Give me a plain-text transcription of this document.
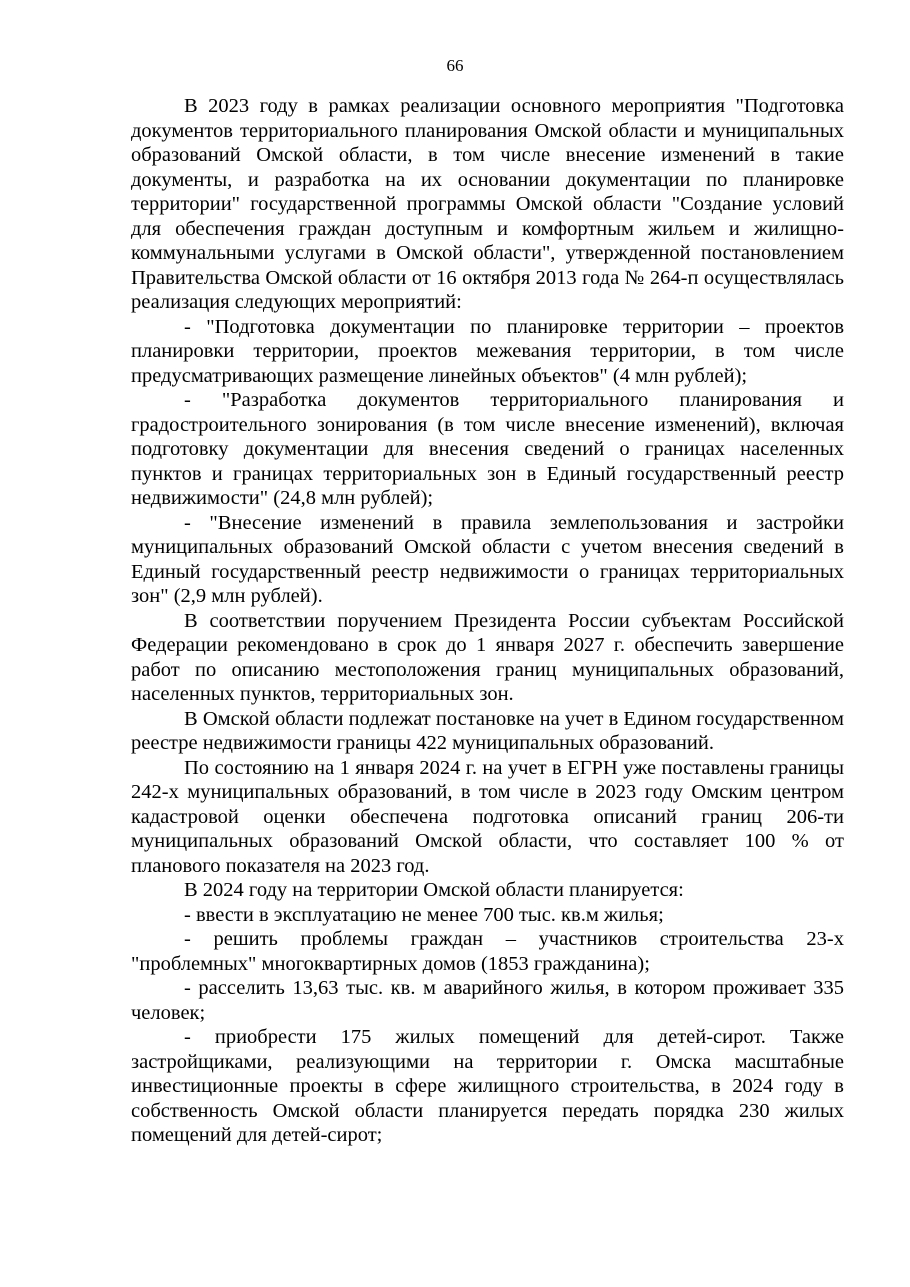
66

В 2023 году в рамках реализации основного мероприятия "Подготовка документов территориального планирования Омской области и муниципальных образований Омской области, в том числе внесение изменений в такие документы, и разработка на их основании документации по планировке территории" государственной программы Омской области "Создание условий для обеспечения граждан доступным и комфортным жильем и жилищно-коммунальными услугами в Омской области", утвержденной постановлением Правительства Омской области от 16 октября 2013 года № 264-п осуществлялась реализация следующих мероприятий:

- "Подготовка документации по планировке территории – проектов планировки территории, проектов межевания территории, в том числе предусматривающих размещение линейных объектов" (4 млн рублей);

- "Разработка документов территориального планирования и градостроительного зонирования (в том числе внесение изменений), включая подготовку документации для внесения сведений о границах населенных пунктов и границах территориальных зон в Единый государственный реестр недвижимости" (24,8 млн рублей);

- "Внесение изменений в правила землепользования и застройки муниципальных образований Омской области с учетом внесения сведений в Единый государственный реестр недвижимости о границах территориальных зон" (2,9 млн рублей).

В соответствии поручением Президента России субъектам Российской Федерации рекомендовано в срок до 1 января 2027 г. обеспечить завершение работ по описанию местоположения границ муниципальных образований, населенных пунктов, территориальных зон.

В Омской области подлежат постановке на учет в Едином государственном реестре недвижимости границы 422 муниципальных образований.

По состоянию на 1 января 2024 г. на учет в ЕГРН уже поставлены границы 242-х муниципальных образований, в том числе в 2023 году Омским центром кадастровой оценки обеспечена подготовка описаний границ 206-ти муниципальных образований Омской области, что составляет 100 % от планового показателя на 2023 год.

В 2024 году на территории Омской области планируется:

- ввести в эксплуатацию не менее 700 тыс. кв.м жилья;

- решить проблемы граждан – участников строительства 23-х "проблемных" многоквартирных домов (1853 гражданина);

- расселить 13,63 тыс. кв. м аварийного жилья, в котором проживает 335 человек;

- приобрести 175 жилых помещений для детей-сирот. Также застройщиками, реализующими на территории г. Омска масштабные инвестиционные проекты в сфере жилищного строительства, в 2024 году в собственность Омской области планируется передать порядка 230 жилых помещений для детей-сирот;
